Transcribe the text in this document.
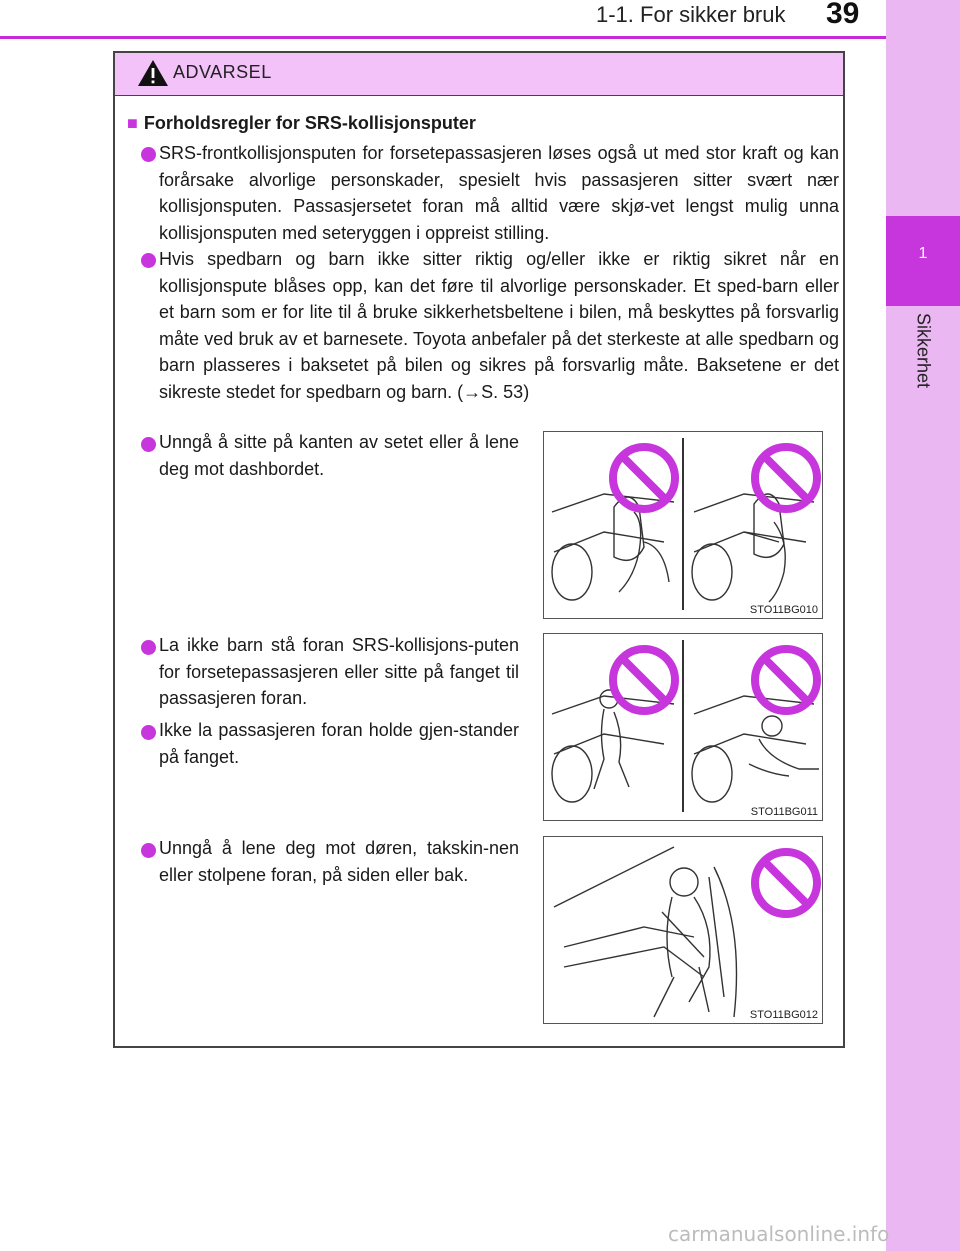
1-1. For sikker bruk 39
1
Sikkerhet
ADVARSEL
■ Forholdsregler for SRS-kollisjonsputer
SRS-frontkollisjonsputen for forsetepassasjeren løses også ut med stor kraft og kan forårsake alvorlige personskader, spesielt hvis passasjeren sitter svært nær kollisjonsputen. Passasjersetet foran må alltid være skjø-vet lengst mulig unna kollisjonsputen med seteryggen i oppreist stilling.
Hvis spedbarn og barn ikke sitter riktig og/eller ikke er riktig sikret når en kollisjonspute blåses opp, kan det føre til alvorlige personskader. Et sped-barn eller et barn som er for lite til å bruke sikkerhetsbeltene i bilen, må beskyttes på forsvarlig måte ved bruk av et barnesete. Toyota anbefaler på det sterkeste at alle spedbarn og barn plasseres i baksetet på bilen og sikres på forsvarlig måte. Baksetene er det sikreste stedet for spedbarn og barn. (→S. 53)
Unngå å sitte på kanten av setet eller å lene deg mot dashbordet.
La ikke barn stå foran SRS-kollisjons-puten for forsetepassasjeren eller sitte på fanget til passasjeren foran.
Ikke la passasjeren foran holde gjen-stander på fanget.
Unngå å lene deg mot døren, takskin-nen eller stolpene foran, på siden eller bak.
STO11BG010
STO11BG011
STO11BG012
carmanualsonline.info
